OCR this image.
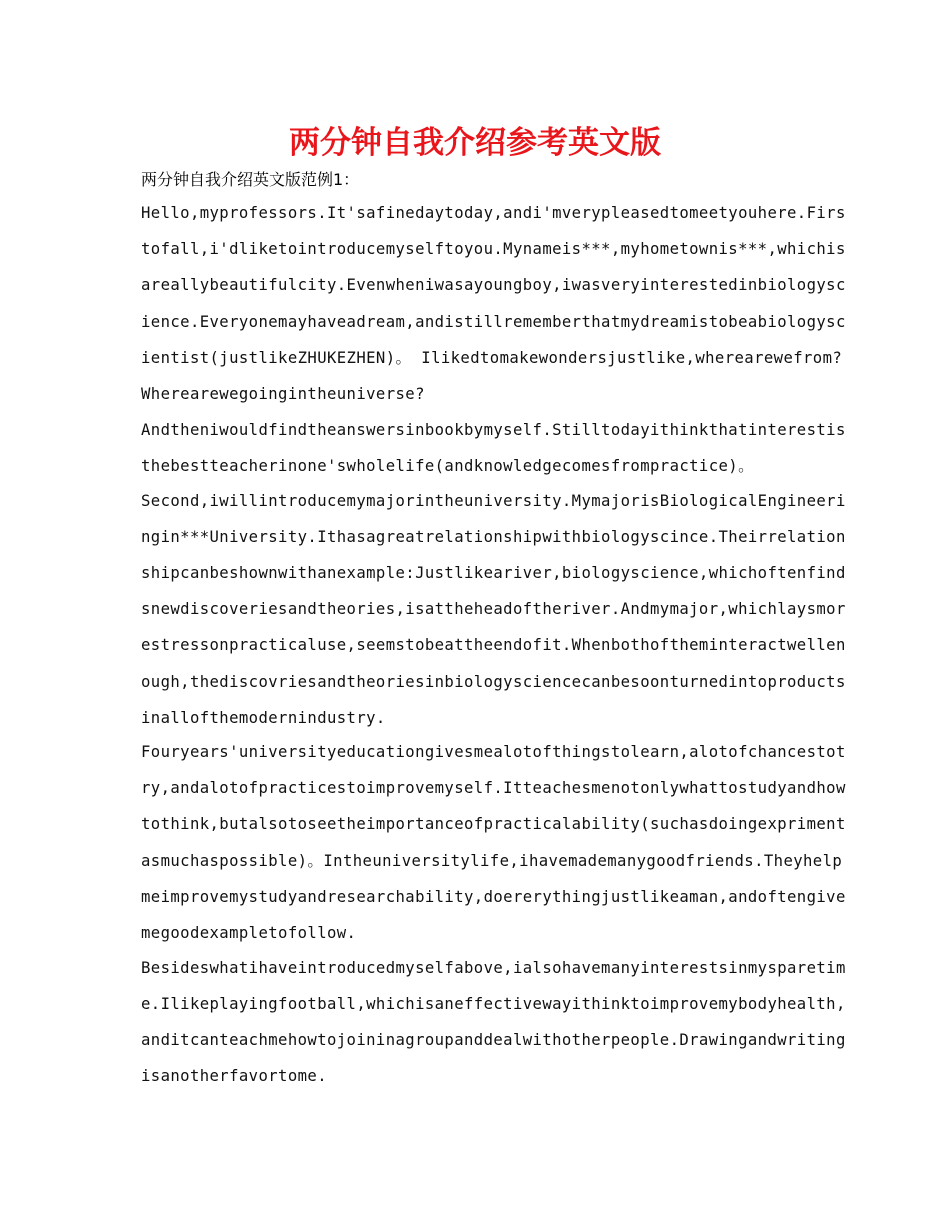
两分钟自我介绍参考英文版
两分钟自我介绍英文版范例1：
Hello,myprofessors.It'safinedaytoday,andi'mverypleasedtomeetyouhere.Firs
tofall,i'dliketointroducemyselftoyou.Mynameis***,myhometownis***,whichis
areallybeautifulcity.Evenwheniwasayoungboy,iwasveryinterestedinbiologysc
ience.Everyonemayhaveadream,andistillrememberthatmydreamistobeabiologysc
ientist(justlikeZHUKEZHEN)。 Ilikedtomakewondersjustlike,wherearewefrom?
Wherearewegoingintheuniverse?
Andtheniwouldfindtheanswersinbookbymyself.Stilltodayithinkthatinterestis
thebestteacherinone'swholelife(andknowledgecomesfrompractice)。
Second,iwillintroducemymajorintheuniversity.MymajorisBiologicalEngineeri
ngin***University.Ithasagreatrelationshipwithbiologyscince.Theirrelation
shipcanbeshownwithanexample:Justlikeariver,biologyscience,whichoftenfind
snewdiscoveriesandtheories,isattheheadoftheriver.Andmymajor,whichlaysmor
estressonpracticaluse,seemstobeattheendofit.Whenbothoftheminteractwellen
ough,thediscovriesandtheoriesinbiologysciencecanbesoonturnedintoproducts
inallofthemodernindustry.
Fouryears'universityeducationgivesmealotofthingstolearn,alotofchancestot
ry,andalotofpracticestoimprovemyself.Itteachesmenotonlywhattostudyandhow
tothink,butalsotoseetheimportanceofpracticalability(suchasdoingexpriment
asmuchaspossible)。Intheuniversitylife,ihavemademanygoodfriends.Theyhelp
meimprovemystudyandresearchability,doererythingjustlikeaman,andoftengive
megoodexampletofollow.
Besideswhatihaveintroducedmyselfabove,ialsohavemanyinterestsinmysparetim
e.Ilikeplayingfootball,whichisaneffectivewayithinktoimprovemybodyhealth,
anditcanteachmehowtojoininagroupanddealwithotherpeople.Drawingandwriting
isanotherfavortome.
